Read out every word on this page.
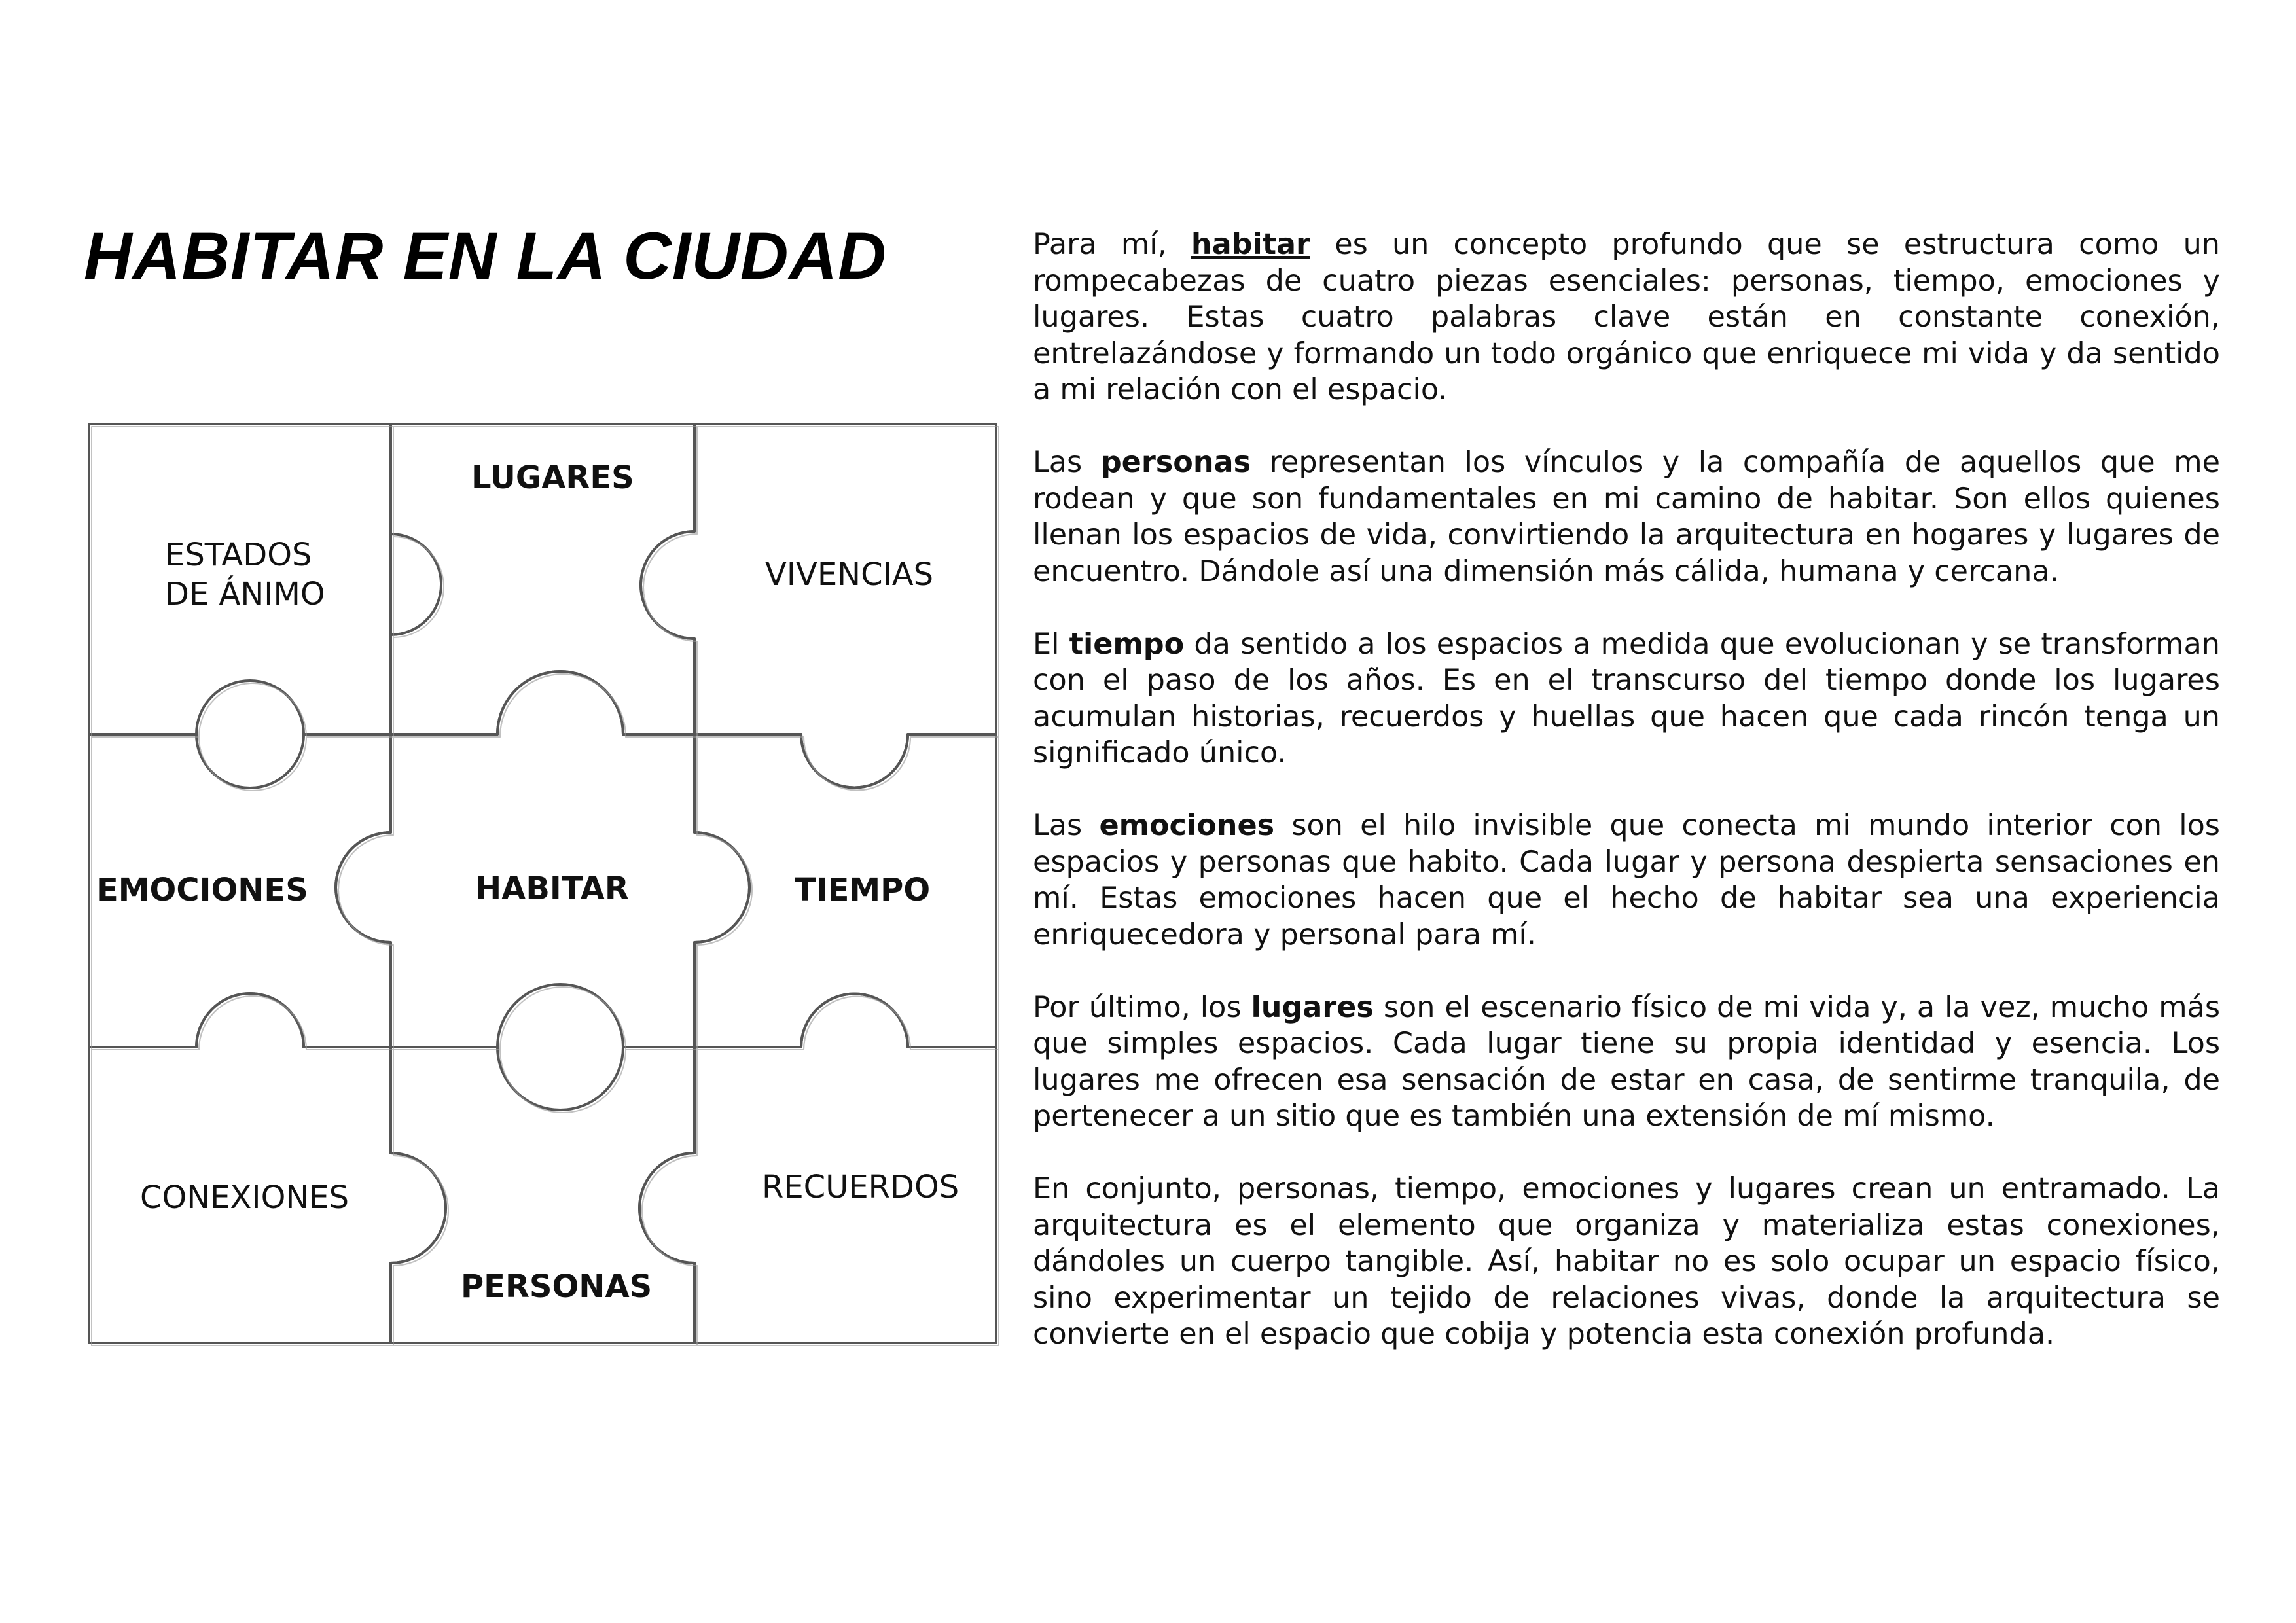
HABITAR EN LA CIUDAD
LUGARES
ESTADOS
DE ÁNIMO
VIVENCIAS
EMOCIONES	HABITAR	TIEMPO
CONEXIONES	RECUERDOS
PERSONAS

Para mí, habitar es un concepto profundo que se estructura como un rompecabezas de cuatro piezas esenciales: personas, tiempo, emociones y lugares. Estas cuatro palabras clave están en constante conexión, entrelazándose y formando un todo orgánico que enriquece mi vida y da sentido a mi relación con el espacio.

Las personas representan los vínculos y la compañía de aquellos que me rodean y que son fundamentales en mi camino de habitar. Son ellos quienes llenan los espacios de vida, convirtiendo la arquitectura en hogares y lugares de encuentro. Dándole así una dimensión más cálida, humana y cercana.

El tiempo da sentido a los espacios a medida que evolucionan y se transforman con el paso de los años. Es en el transcurso del tiempo donde los lugares acumulan historias, recuerdos y huellas que hacen que cada rincón tenga un significado único.

Las emociones son el hilo invisible que conecta mi mundo interior con los espacios y personas que habito. Cada lugar y persona despierta sensaciones en mí. Estas emociones hacen que el hecho de habitar sea una experiencia enriquecedora y personal para mí.

Por último, los lugares son el escenario físico de mi vida y, a la vez, mucho más que simples espacios. Cada lugar tiene su propia identidad y esencia. Los lugares me ofrecen esa sensación de estar en casa, de sentirme tranquila, de pertenecer a un sitio que es también una extensión de mí mismo.

En conjunto, personas, tiempo, emociones y lugares crean un entramado. La arquitectura es el elemento que organiza y materializa estas conexiones, dándoles un cuerpo tangible. Así, habitar no es solo ocupar un espacio físico, sino experimentar un tejido de relaciones vivas, donde la arquitectura se convierte en el espacio que cobija y potencia esta conexión profunda.
